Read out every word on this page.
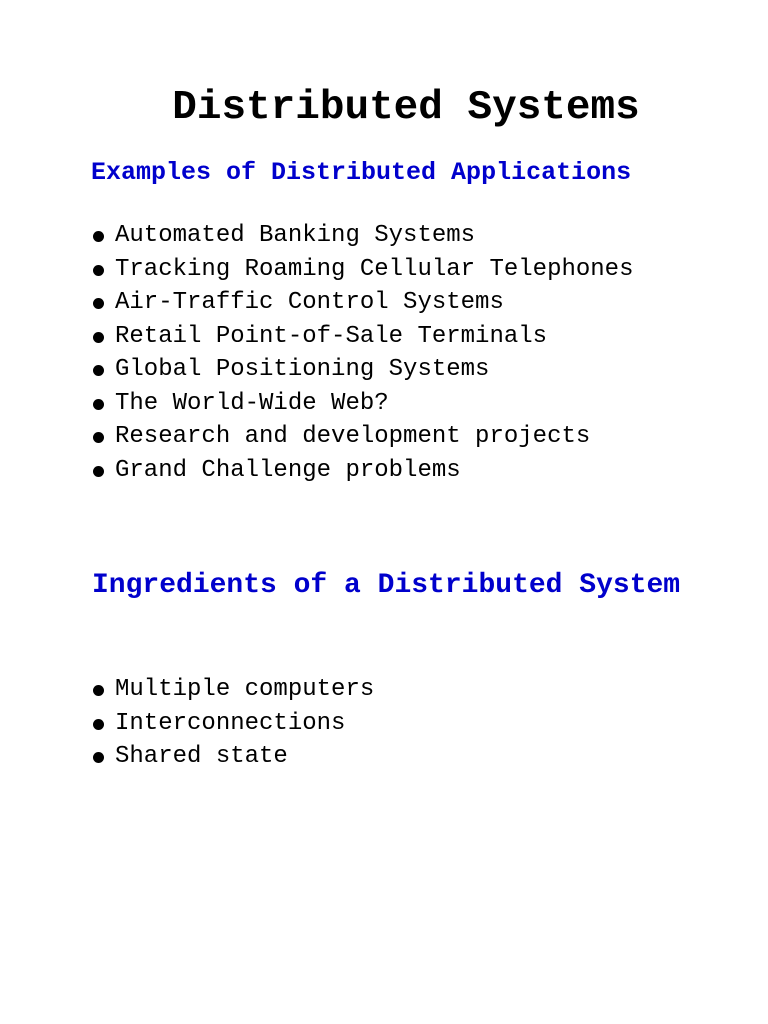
Distributed Systems
Examples of Distributed Applications
Automated Banking Systems
Tracking Roaming Cellular Telephones
Air-Traffic Control Systems
Retail Point-of-Sale Terminals
Global Positioning Systems
The World-Wide Web?
Research and development projects
Grand Challenge problems
Ingredients of a Distributed System
Multiple computers
Interconnections
Shared state
